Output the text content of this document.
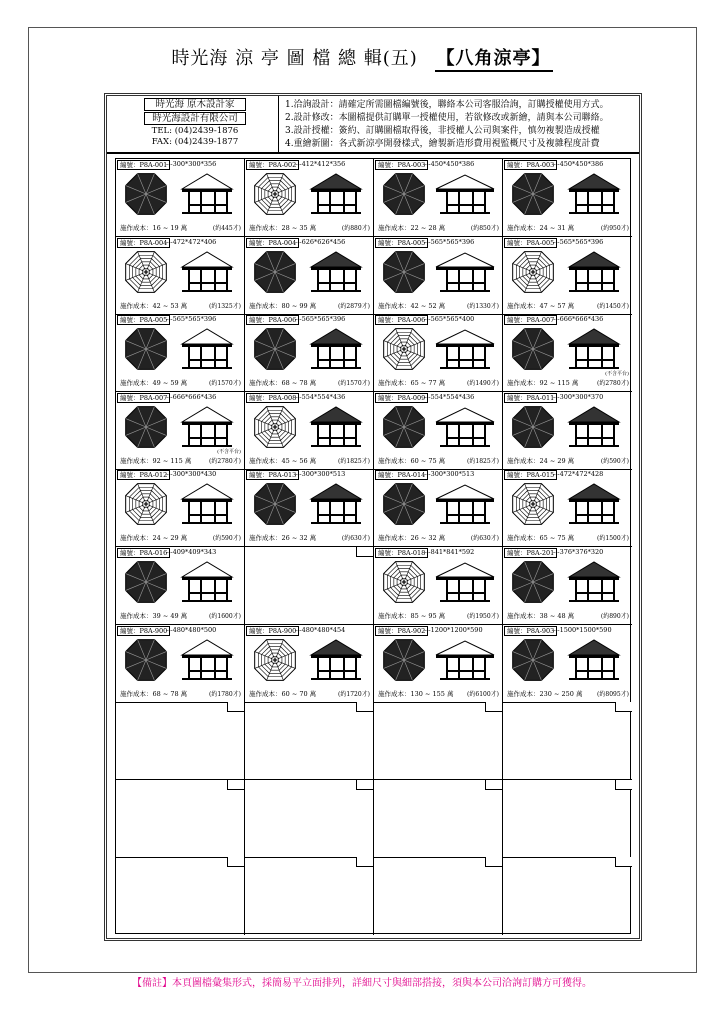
時光海 涼 亭 圖 檔 總 輯(五) 【八角涼亭】
時光海 原木設計家
時光海設計有限公司
TEL: (04)2439-1876
FAX: (04)2439-1877
1.洽詢設計：請確定所需圖檔編號後，聯絡本公司客服洽詢，訂購授權使用方式。
2.設計修改：本圖檔提供訂購單一授權使用，若欲修改或新繪，請與本公司聯絡。
3.設計授權：簽約、訂購圖檔取得後，非授權人公司與案件，慎勿複製造成授權
4.重繪新圖：各式新涼亭開發樣式，繪製新造形費用視監概尺寸及複雜程度計費
編號：P8A-001
---300*300*356
施作成本：16 ~ 19 萬	(約445才)
編號：P8A-002
---412*412*356
施作成本：28 ~ 35 萬	(約880才)
編號：P8A-003
---450*450*386
施作成本：22 ~ 28 萬	(約850才)
編號：P8A-003
---450*450*386
施作成本：24 ~ 31 萬	(約950才)
編號：P8A-004
---472*472*406
施作成本：42 ~ 53 萬	(約1325才)
編號：P8A-004
---626*626*456
施作成本：80 ~ 99 萬	(約2879才)
編號：P8A-005
---565*565*396
施作成本：42 ~ 52 萬	(約1330才)
編號：P8A-005
---565*565*396
施作成本：47 ~ 57 萬	(約1450才)
編號：P8A-005
---565*565*396
施作成本：49 ~ 59 萬	(約1570才)
編號：P8A-006
---565*565*396
施作成本：68 ~ 78 萬	(約1570才)
編號：P8A-006
---565*565*400
施作成本：65 ~ 77 萬	(約1490才)
編號：P8A-007
---666*666*436
(不含平台)
施作成本：92 ~ 115 萬	(約2780才)
編號：P8A-007
---666*666*436
(不含平台)
施作成本：92 ~ 115 萬	(約2780才)
編號：P8A-008
---554*554*436
施作成本：45 ~ 56 萬	(約1825才)
編號：P8A-009
---554*554*436
施作成本：60 ~ 75 萬	(約1825才)
編號：P8A-011
---300*300*370
施作成本：24 ~ 29 萬	(約590才)
編號：P8A-012
---300*300*430
施作成本：24 ~ 29 萬	(約590才)
編號：P8A-013
---300*300*513
施作成本：26 ~ 32 萬	(約630才)
編號：P8A-014
---300*300*513
施作成本：26 ~ 32 萬	(約630才)
編號：P8A-015
---472*472*428
施作成本：65 ~ 75 萬	(約1500才)
編號：P8A-016
---409*409*343
施作成本：39 ~ 49 萬	(約1600才)
編號：P8A-018
---841*841*592
施作成本：85 ~ 95 萬	(約1950才)
編號：P8A-201
---376*376*320
施作成本：38 ~ 48 萬	(約890才)
編號：P8A-900
---480*480*500
施作成本：68 ~ 78 萬	(約1780才)
編號：P8A-900
---480*480*454
施作成本：60 ~ 70 萬	(約1720才)
編號：P8A-902
---1200*1200*590
施作成本：130 ~ 155 萬 (約6100才)
編號：P8A-903
---1500*1500*590
施作成本：230 ~ 250 萬 (約8095才)
【備註】本頁圖檔彙集形式，採簡易平立面排列，詳細尺寸與細部搭接，須與本公司洽詢訂購方可獲得。
